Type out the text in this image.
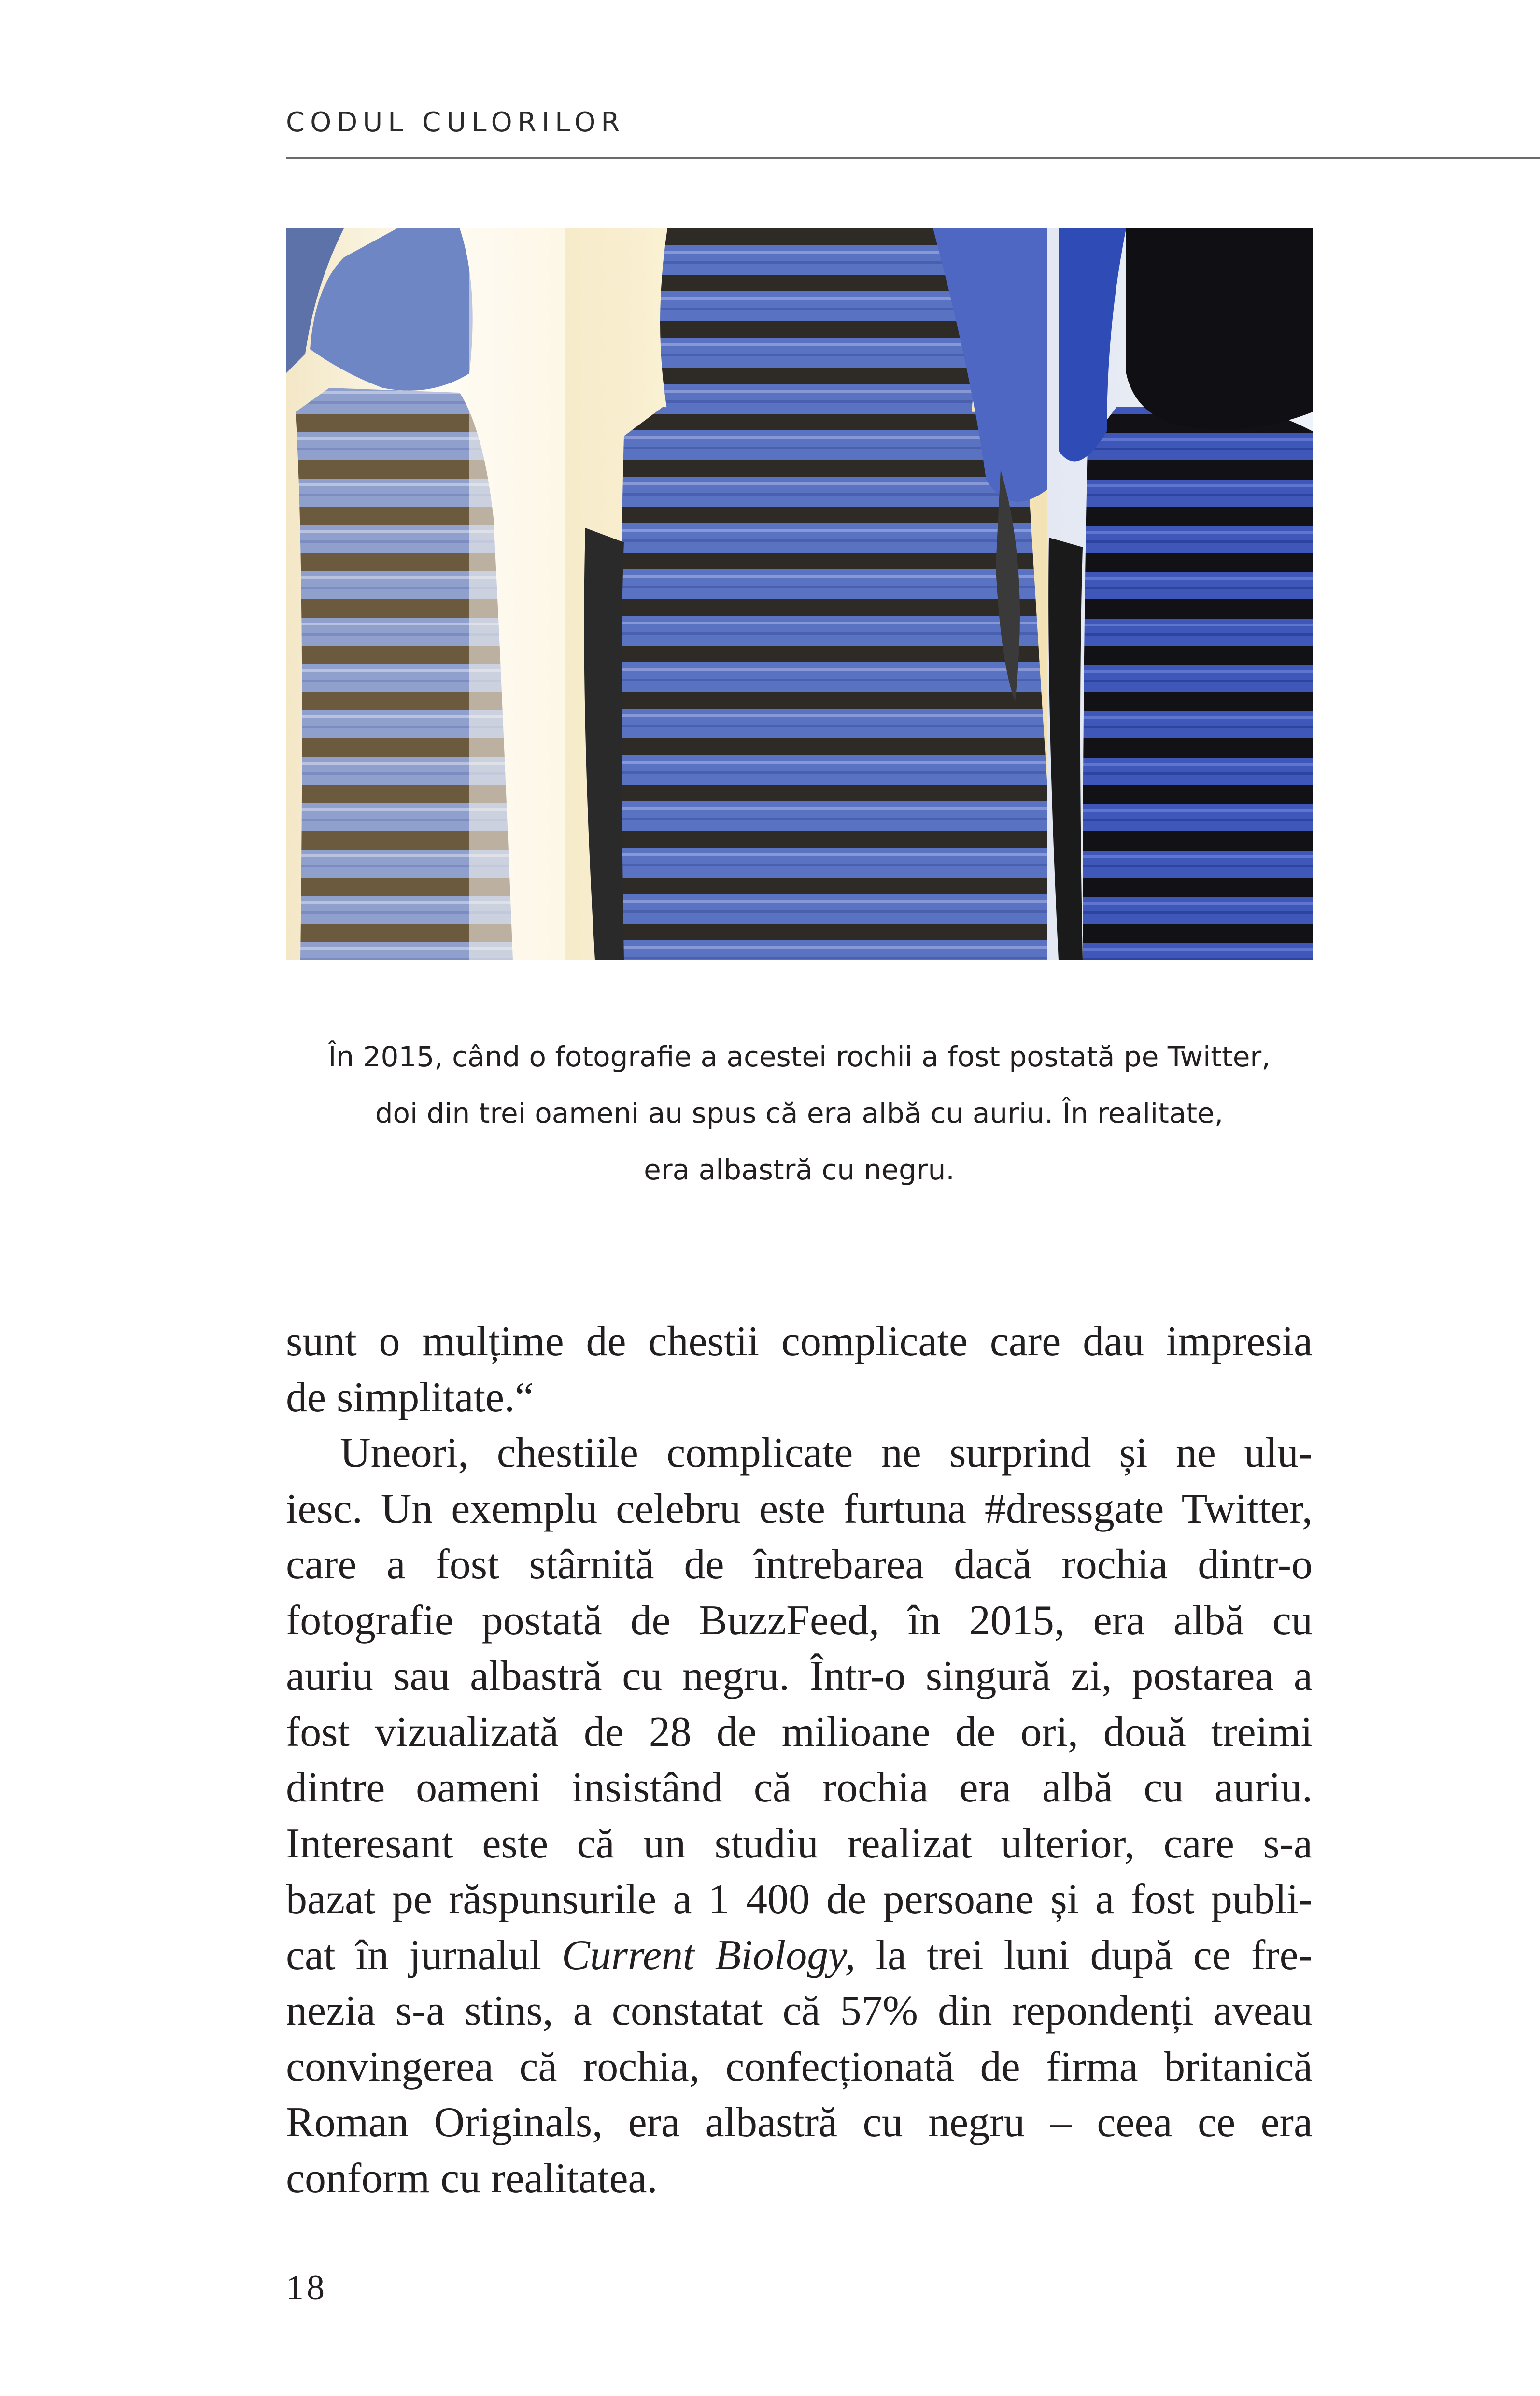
CODUL CULORILOR
În 2015, când o fotografie a acestei rochii a fost postată pe Twitter,
doi din trei oameni au spus că era albă cu auriu. În realitate,
era albastră cu negru.
sunt o mulțime de chestii complicate care dau impresia
de simplitate.“
Uneori, chestiile complicate ne surprind și ne ulu-
iesc. Un exemplu celebru este furtuna #dressgate Twitter,
care a fost stârnită de întrebarea dacă rochia dintr-o
fotografie postată de BuzzFeed, în 2015, era albă cu
auriu sau albastră cu negru. Într-o singură zi, postarea a
fost vizualizată de 28 de milioane de ori, două treimi
dintre oameni insistând că rochia era albă cu auriu.
Interesant este că un studiu realizat ulterior, care s-a
bazat pe răspunsurile a 1 400 de persoane și a fost publi-
cat în jurnalul Current Biology, la trei luni după ce fre-
nezia s-a stins, a constatat că 57% din repondenți aveau
convingerea că rochia, confecționată de firma britanică
Roman Originals, era albastră cu negru – ceea ce era
conform cu realitatea.
18
